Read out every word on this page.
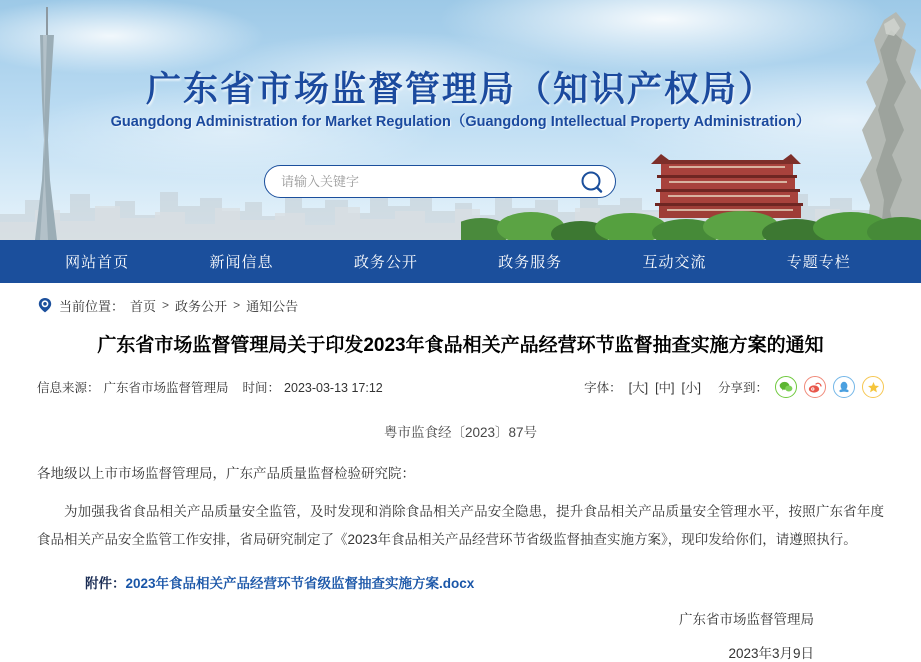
广东省市场监督管理局（知识产权局）
Guangdong Administration for Market Regulation（Guangdong Intellectual Property Administration）
请输入关键字
网站首页	新闻信息	政务公开	政务服务	互动交流	专题专栏
当前位置： 首页 > 政务公开 > 通知公告
广东省市场监督管理局关于印发2023年食品相关产品经营环节监督抽查实施方案的通知
信息来源： 广东省市场监督管理局 时间： 2023-03-13 17:12	字体： [大] [中] [小] 分享到：
粤市监食经〔2023〕87号
各地级以上市市场监督管理局，广东产品质量监督检验研究院：

为加强我省食品相关产品质量安全监管，及时发现和消除食品相关产品安全隐患，提升食品相关产品质量安全管理水平，按照广东省年度食品相关产品安全监管工作安排，省局研究制定了《2023年食品相关产品经营环节省级监督抽查实施方案》，现印发给你们，请遵照执行。

附件：2023年食品相关产品经营环节省级监督抽查实施方案.docx
广东省市场监督管理局
2023年3月9日
